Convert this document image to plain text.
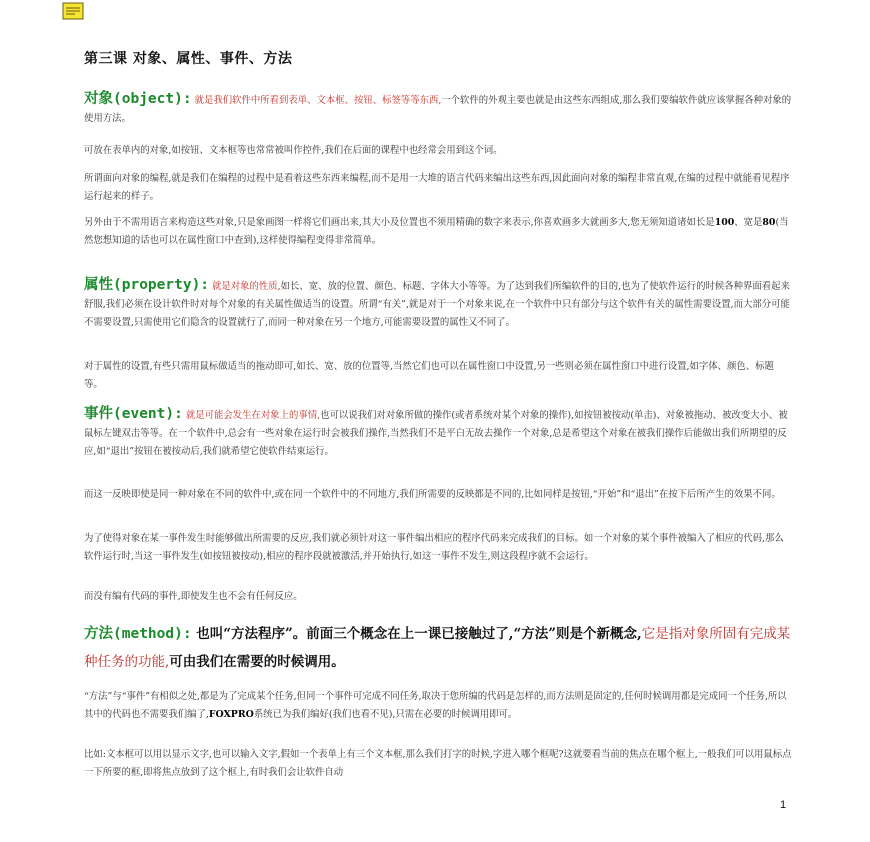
第三课 对象、属性、事件、方法

对象(object): 就是我们软件中所看到表单、文本框、按钮、标签等等东西,一个软件的外观主要也就是由这些东西组成,那么我们要编软件就应该掌握各种对象的使用方法。

可放在表单内的对象,如按钮、文本框等也常常被叫作控件,我们在后面的课程中也经常会用到这个词。

所谓面向对象的编程,就是我们在编程的过程中是看着这些东西来编程,而不是用一大堆的语言代码来编出这些东西,因此面向对象的编程非常直观,在编的过程中就能看见程序运行起来的样子。

另外由于不需用语言来构造这些对象,只是象画图一样将它们画出来,其大小及位置也不须用精确的数字来表示,你喜欢画多大就画多大,您无须知道诸如长是100、宽是80(当然您想知道的话也可以在属性窗口中查到),这样使得编程变得非常简单。

属性(property): 就是对象的性质,如长、宽、放的位置、颜色、标题、字体大小等等。为了达到我们所编软件的目的,也为了使软件运行的时候各种界面看起来舒服,我们必须在设计软件时对每个对象的有关属性做适当的设置。所谓“有关”,就是对于一个对象来说,在一个软件中只有部分与这个软件有关的属性需要设置,而大部分可能不需要设置,只需使用它们隐含的设置就行了,而同一种对象在另一个地方,可能需要设置的属性又不同了。

对于属性的设置,有些只需用鼠标做适当的拖动即可,如长、宽、放的位置等,当然它们也可以在属性窗口中设置,另一些则必须在属性窗口中进行设置,如字体、颜色、标题等。

事件(event): 就是可能会发生在对象上的事情,也可以说我们对对象所做的操作(或者系统对某个对象的操作),如按钮被按动(单击)、对象被拖动、被改变大小、被鼠标左键双击等等。在一个软件中,总会有一些对象在运行时会被我们操作,当然我们不是平白无故去操作一个对象,总是希望这个对象在被我们操作后能做出我们所期望的反应,如“退出”按钮在被按动后,我们就希望它使软件结束运行。

而这一反映即使是同一种对象在不同的软件中,或在同一个软件中的不同地方,我们所需要的反映都是不同的,比如同样是按钮,“开始”和“退出”在按下后所产生的效果不同。

为了使得对象在某一事件发生时能够做出所需要的反应,我们就必须针对这一事件编出相应的程序代码来完成我们的目标。如一个对象的某个事件被编入了相应的代码,那么软件运行时,当这一事件发生(如按钮被按动),相应的程序段就被激活,并开始执行,如这一事件不发生,则这段程序就不会运行。

而没有编有代码的事件,即使发生也不会有任何反应。

方法(method): 也叫“方法程序”。前面三个概念在上一课已接触过了,“方法”则是个新概念,它是指对象所固有完成某种任务的功能,可由我们在需要的时候调用。

“方法”与“事件”有相似之处,都是为了完成某个任务,但同一个事件可完成不同任务,取决于您所编的代码是怎样的,而方法则是固定的,任何时候调用都是完成同一个任务,所以其中的代码也不需要我们编了,FOXPRO系统已为我们编好(我们也看不见),只需在必要的时候调用即可。

比如:文本框可以用以显示文字,也可以输入文字,假如一个表单上有三个文本框,那么我们打字的时候,字进入哪个框呢?这就要看当前的焦点在哪个框上,一般我们可以用鼠标点一下所要的框,即将焦点放到了这个框上,有时我们会让软件自动

1
